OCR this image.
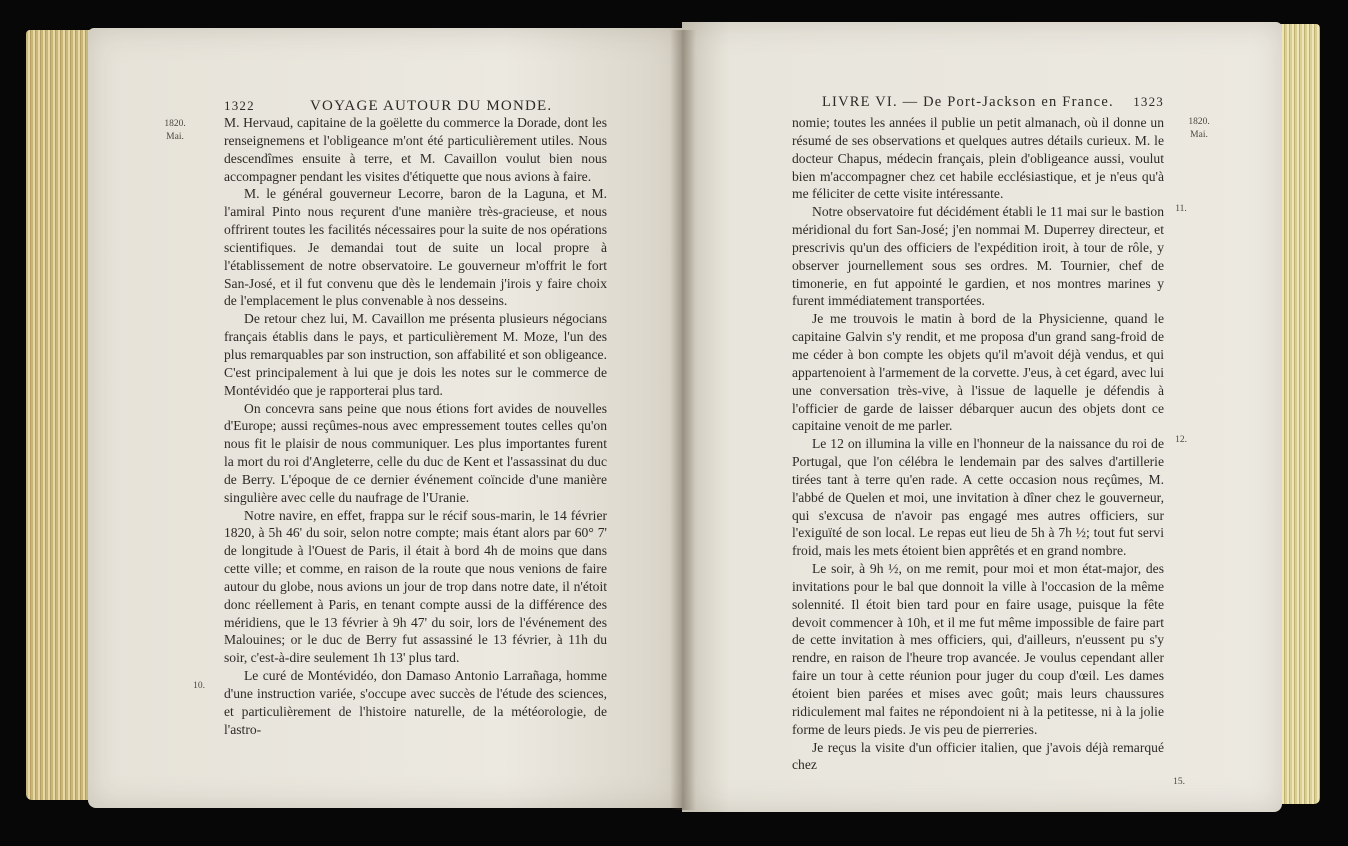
1322	VOYAGE AUTOUR DU MONDE.
1820.
Mai.
10.

M. Hervaud, capitaine de la goëlette du commerce la Dorade, dont les renseignemens et l'obligeance m'ont été particulièrement utiles. Nous descendîmes ensuite à terre, et M. Cavaillon voulut bien nous accompagner pendant les visites d'étiquette que nous avions à faire.

M. le général gouverneur Lecorre, baron de la Laguna, et M. l'amiral Pinto nous reçurent d'une manière très-gracieuse, et nous offrirent toutes les facilités nécessaires pour la suite de nos opérations scientifiques. Je demandai tout de suite un local propre à l'établissement de notre observatoire. Le gouverneur m'offrit le fort San-José, et il fut convenu que dès le lendemain j'irois y faire choix de l'emplacement le plus convenable à nos desseins.

De retour chez lui, M. Cavaillon me présenta plusieurs négocians français établis dans le pays, et particulièrement M. Moze, l'un des plus remarquables par son instruction, son affabilité et son obligeance. C'est principalement à lui que je dois les notes sur le commerce de Montévidéo que je rapporterai plus tard.

On concevra sans peine que nous étions fort avides de nouvelles d'Europe; aussi reçûmes-nous avec empressement toutes celles qu'on nous fit le plaisir de nous communiquer. Les plus importantes furent la mort du roi d'Angleterre, celle du duc de Kent et l'assassinat du duc de Berry. L'époque de ce dernier événement coïncide d'une manière singulière avec celle du naufrage de l'Uranie.

Notre navire, en effet, frappa sur le récif sous-marin, le 14 février 1820, à 5h 46' du soir, selon notre compte; mais étant alors par 60° 7' de longitude à l'Ouest de Paris, il était à bord 4h de moins que dans cette ville; et comme, en raison de la route que nous venions de faire autour du globe, nous avions un jour de trop dans notre date, il n'étoit donc réellement à Paris, en tenant compte aussi de la différence des méridiens, que le 13 février à 9h 47' du soir, lors de l'événement des Malouines; or le duc de Berry fut assassiné le 13 février, à 11h du soir, c'est-à-dire seulement 1h 13' plus tard.

Le curé de Montévidéo, don Damaso Antonio Larrañaga, homme d'une instruction variée, s'occupe avec succès de l'étude des sciences, et particulièrement de l'histoire naturelle, de la météorologie, de l'astro-

LIVRE VI. — De Port-Jackson en France. 1323
1820.
Mai.
11.
12.
15.

nomie; toutes les années il publie un petit almanach, où il donne un résumé de ses observations et quelques autres détails curieux. M. le docteur Chapus, médecin français, plein d'obligeance aussi, voulut bien m'accompagner chez cet habile ecclésiastique, et je n'eus qu'à me féliciter de cette visite intéressante.

Notre observatoire fut décidément établi le 11 mai sur le bastion méridional du fort San-José; j'en nommai M. Duperrey directeur, et prescrivis qu'un des officiers de l'expédition iroit, à tour de rôle, y observer journellement sous ses ordres. M. Tournier, chef de timonerie, en fut appointé le gardien, et nos montres marines y furent immédiatement transportées.

Je me trouvois le matin à bord de la Physicienne, quand le capitaine Galvin s'y rendit, et me proposa d'un grand sang-froid de me céder à bon compte les objets qu'il m'avoit déjà vendus, et qui appartenoient à l'armement de la corvette. J'eus, à cet égard, avec lui une conversation très-vive, à l'issue de laquelle je défendis à l'officier de garde de laisser débarquer aucun des objets dont ce capitaine venoit de me parler.

Le 12 on illumina la ville en l'honneur de la naissance du roi de Portugal, que l'on célébra le lendemain par des salves d'artillerie tirées tant à terre qu'en rade. A cette occasion nous reçûmes, M. l'abbé de Quelen et moi, une invitation à dîner chez le gouverneur, qui s'excusa de n'avoir pas engagé mes autres officiers, sur l'exiguïté de son local. Le repas eut lieu de 5h à 7h ½; tout fut servi froid, mais les mets étoient bien apprêtés et en grand nombre.

Le soir, à 9h ½, on me remit, pour moi et mon état-major, des invitations pour le bal que donnoit la ville à l'occasion de la même solennité. Il étoit bien tard pour en faire usage, puisque la fête devoit commencer à 10h, et il me fut même impossible de faire part de cette invitation à mes officiers, qui, d'ailleurs, n'eussent pu s'y rendre, en raison de l'heure trop avancée. Je voulus cependant aller faire un tour à cette réunion pour juger du coup d'œil. Les dames étoient bien parées et mises avec goût; mais leurs chaussures ridiculement mal faites ne répondoient ni à la petitesse, ni à la jolie forme de leurs pieds. Je vis peu de pierreries.

Je reçus la visite d'un officier italien, que j'avois déjà remarqué chez
